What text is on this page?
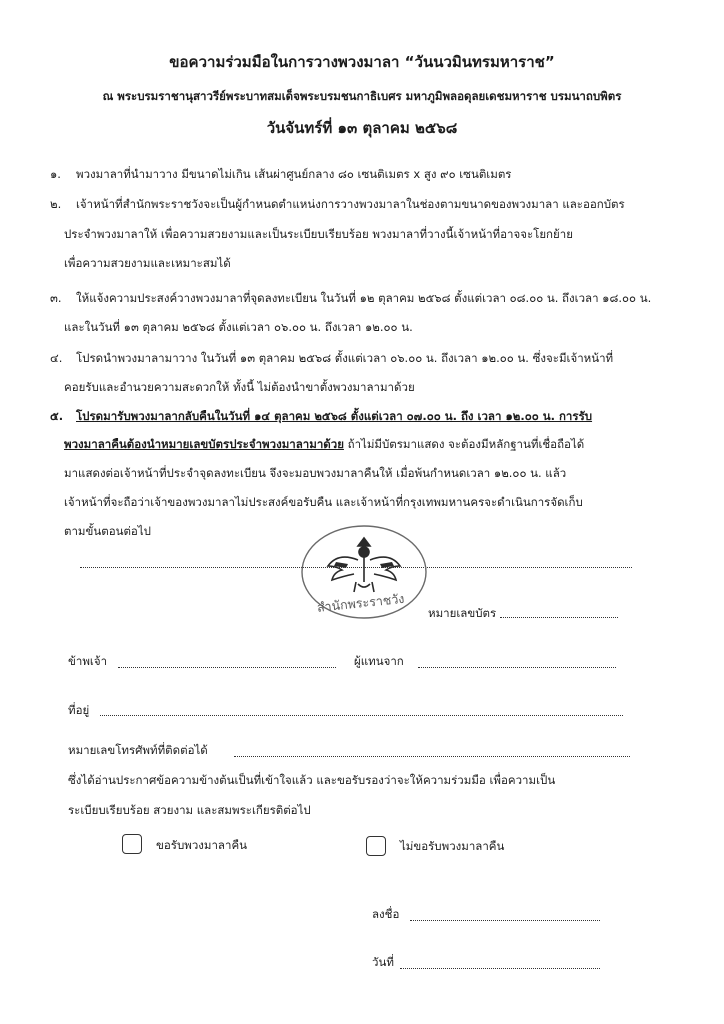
ขอความร่วมมือในการวางพวงมาลา “วันนวมินทรมหาราช”
ณ พระบรมราชานุสาวรีย์พระบาทสมเด็จพระบรมชนกาธิเบศร มหาภูมิพลอดุลยเดชมหาราช บรมนาถบพิตร
วันจันทร์ที่ ๑๓ ตุลาคม ๒๕๖๘
๑.	พวงมาลาที่นำมาวาง มีขนาดไม่เกิน เส้นผ่าศูนย์กลาง ๘๐ เซนติเมตร x สูง ๙๐ เซนติเมตร
๒.	เจ้าหน้าที่สำนักพระราชวังจะเป็นผู้กำหนดตำแหน่งการวางพวงมาลาในช่องตามขนาดของพวงมาลา และออกบัตร
ประจำพวงมาลาให้ เพื่อความสวยงามและเป็นระเบียบเรียบร้อย พวงมาลาที่วางนี้เจ้าหน้าที่อาจจะโยกย้าย
เพื่อความสวยงามและเหมาะสมได้
๓.	ให้แจ้งความประสงค์วางพวงมาลาที่จุดลงทะเบียน ในวันที่ ๑๒ ตุลาคม ๒๕๖๘ ตั้งแต่เวลา ๐๘.๐๐ น. ถึงเวลา ๑๘.๐๐ น.
และในวันที่ ๑๓ ตุลาคม ๒๕๖๘ ตั้งแต่เวลา ๐๖.๐๐ น. ถึงเวลา ๑๒.๐๐ น.
๔.	โปรดนำพวงมาลามาวาง ในวันที่ ๑๓ ตุลาคม ๒๕๖๘ ตั้งแต่เวลา ๐๖.๐๐ น. ถึงเวลา ๑๒.๐๐ น. ซึ่งจะมีเจ้าหน้าที่
คอยรับและอำนวยความสะดวกให้ ทั้งนี้ ไม่ต้องนำขาตั้งพวงมาลามาด้วย
๕.	โปรดมารับพวงมาลากลับคืนในวันที่ ๑๔ ตุลาคม ๒๕๖๘ ตั้งแต่เวลา ๐๗.๐๐ น. ถึง เวลา ๑๒.๐๐ น. การรับ
พวงมาลาคืนต้องนำหมายเลขบัตรประจำพวงมาลามาด้วย ถ้าไม่มีบัตรมาแสดง จะต้องมีหลักฐานที่เชื่อถือได้
มาแสดงต่อเจ้าหน้าที่ประจำจุดลงทะเบียน จึงจะมอบพวงมาลาคืนให้ เมื่อพ้นกำหนดเวลา ๑๒.๐๐ น. แล้ว
เจ้าหน้าที่จะถือว่าเจ้าของพวงมาลาไม่ประสงค์ขอรับคืน และเจ้าหน้าที่กรุงเทพมหานครจะดำเนินการจัดเก็บ
ตามขั้นตอนต่อไป
สำนักพระราชวัง หมายเลขบัตร
ข้าพเจ้า	ผู้แทนจาก
ที่อยู่
หมายเลขโทรศัพท์ที่ติดต่อได้
ซึ่งได้อ่านประกาศข้อความข้างต้นเป็นที่เข้าใจแล้ว และขอรับรองว่าจะให้ความร่วมมือ เพื่อความเป็น
ระเบียบเรียบร้อย สวยงาม และสมพระเกียรติต่อไป
ขอรับพวงมาลาคืน	ไม่ขอรับพวงมาลาคืน
ลงชื่อ
วันที่
